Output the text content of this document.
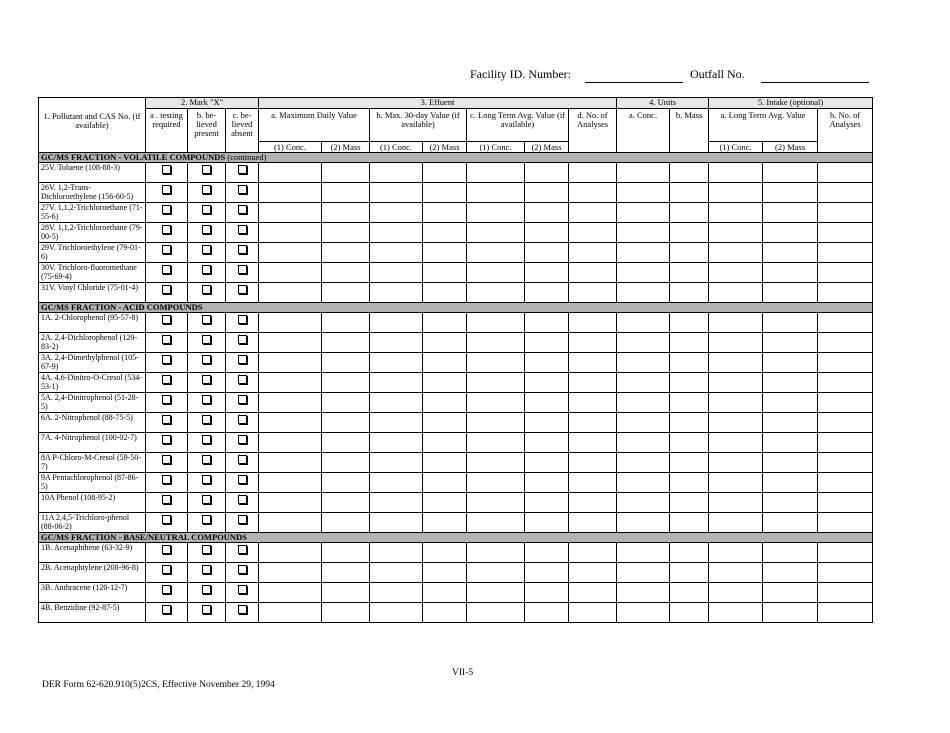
Facility ID. Number:	Outfall No.
1. Pollutant and CAS No. (if available)	2. Mark "X"			3. Effuent							4. Units		5. Intake (optional)		
	a . testing required	b. be- lieved present	c. be- lieved absent	a. Maximum Daily Value		b. Max. 30-day Value (if available)		c. Long Term Avg. Value (if available)		d. No. of Analyses	a. Conc.	b. Mass	a. Long Term Avg. Value		b. No. of Analyses
				(1) Conc.	(2) Mass	(1) Conc.	(2) Mass	(1) Conc.	(2) Mass				(1) Conc.	(2) Mass	
GC/MS FRACTION - VOLATILE COMPOUNDS (continued)															
25V. Toluene (108-88-3)															
26V. 1,2-Trans-Dichloroethylene (156-60-5)															
27V. 1,1,2-Trichloroethane (71-55-6)															
28V. 1,1,2-Trichloroethane (79-00-5)															
29V. Trichloroethylene (79-01-6)															
30V. Trichloro-fluoromethane (75-69-4)															
31V. Vinyl Chloride (75-01-4)															
GC/MS FRACTION - ACID COMPOUNDS															
1A. 2-Chlorophenol (95-57-8)															
2A. 2,4-Dichlorophenol (120-83-2)															
3A. 2,4-Dimethylphenol (105-67-9)															
4A. 4,6-Dinitro-O-Cresol (534-53-1)															
5A. 2,4-Dinitrophenol (51-28-5)															
6A. 2-Nitrophenol (88-75-5)															
7A. 4-Nitrophenol (100-02-7)															
8A P-Chloro-M-Cresol (59-50-7)															
9A Pentachlorophenol (87-86-5)															
10A Phenol (108-95-2)															
11A 2,4,5-Trichloro-phenol (88-06-2)															
GC/MS FRACTION - BASE/NEUTRAL COMPOUNDS															
1B. Acenaphthene (63-32-9)															
2B. Acenaphtylene (208-96-8)															
3B. Anthracene (120-12-7)															
4B. Benzidine (92-87-5)															
VII-5
DER Form 62-620.910(5)2CS, Effective November 29, 1994
